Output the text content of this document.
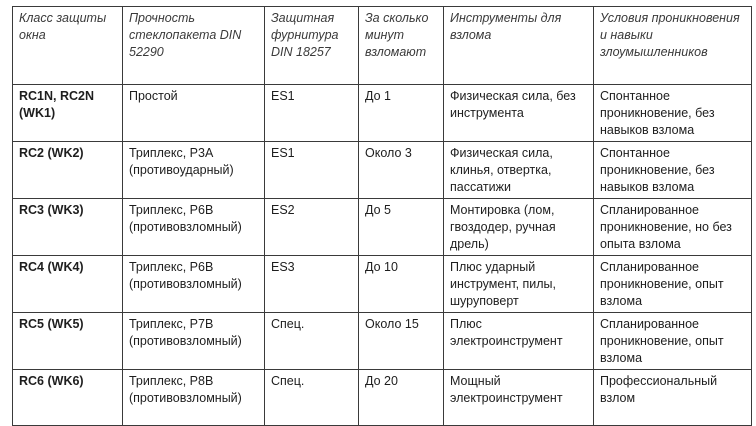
Класс защиты окна	Прочность стеклопакета DIN 52290	Защитная фурнитура DIN 18257	За сколько минут взломают	Инструменты для взлома	Условия проникновения и навыки злоумышленников
RC1N, RC2N (WK1)	Простой	ES1	До 1	Физическая сила, без инструмента	Спонтанное проникновение, без навыков взлома
RC2 (WK2)	Триплекс, Р3А (противоударный)	ES1	Около 3	Физическая сила, клинья, отвертка, пассатижи	Спонтанное проникновение, без навыков взлома
RC3 (WK3)	Триплекс, Р6В (противовзломный)	ES2	До 5	Монтировка (лом, гвоздодер, ручная дрель)	Спланированное проникновение, но без опыта взлома
RC4 (WK4)	Триплекс, Р6В (противовзломный)	ES3	До 10	Плюс ударный инструмент, пилы, шуруповерт	Спланированное проникновение, опыт взлома
RC5 (WK5)	Триплекс, Р7В (противовзломный)	Спец.	Около 15	Плюс электроинструмент	Спланированное проникновение, опыт взлома
RC6 (WK6)	Триплекс, Р8В (противовзломный)	Спец.	До 20	Мощный электроинструмент	Профессиональный взлом
